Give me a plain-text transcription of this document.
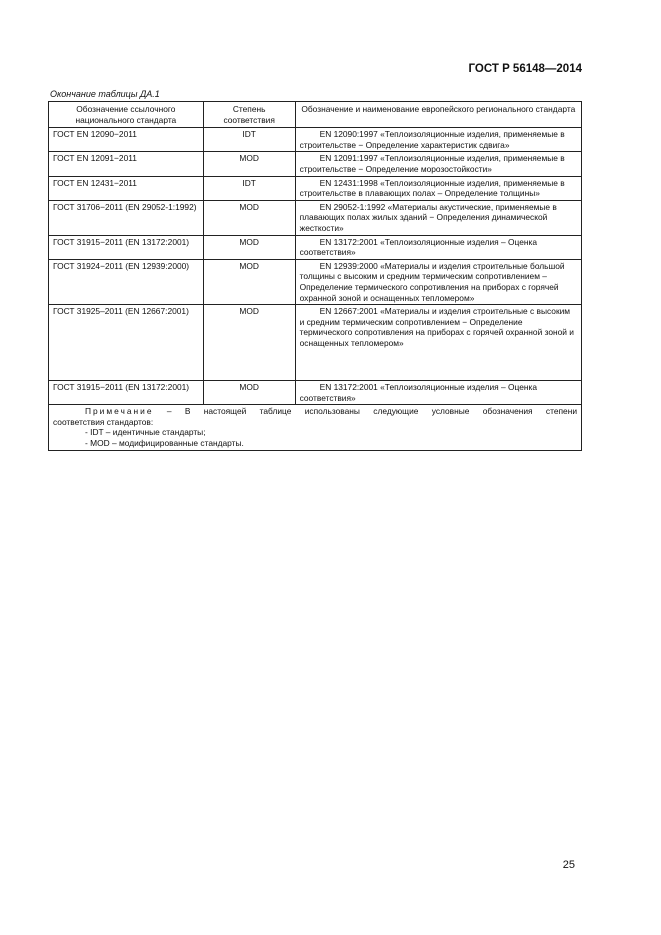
ГОСТ Р 56148—2014
Окончание таблицы ДА.1
Обозначение ссылочного национального стандарта	Степень соответствия	Обозначение и наименование европейского регионального стандарта
ГОСТ EN 12090−2011	IDT	EN 12090:1997 «Теплоизоляционные изделия, применяемые в строительстве − Определение характеристик сдвига»
ГОСТ EN 12091−2011	MOD	EN 12091:1997 «Теплоизоляционные изделия, применяемые в строительстве − Определение морозостойкости»
ГОСТ EN 12431−2011	IDT	EN 12431:1998 «Теплоизоляционные изделия, применяемые в строительстве в плавающих полах – Определение толщины»
ГОСТ 31706−2011 (EN 29052-1:1992)	MOD	EN 29052-1:1992 «Материалы акустические, применяемые в плавающих полах жилых зданий − Определения динамической жесткости»
ГОСТ 31915−2011 (EN 13172:2001)	MOD	EN 13172:2001 «Теплоизоляционные изделия – Оценка соответствия»
ГОСТ 31924−2011 (EN 12939:2000)	MOD	EN 12939:2000 «Материалы и изделия строительные большой толщины с высоким и средним термическим сопротивлением – Определение термического сопротивления на приборах с горячей охранной зоной и оснащенных тепломером»
ГОСТ 31925–2011 (EN 12667:2001)	MOD	EN 12667:2001 «Материалы и изделия строительные с высоким и средним термическим сопротивлением − Определение термического сопротивления на приборах с горячей охранной зоной и оснащенных тепломером»
ГОСТ 31915−2011 (EN 13172:2001)	MOD	EN 13172:2001 «Теплоизоляционные изделия – Оценка соответствия»

Примечание – В настоящей таблице использованы следующие условные обозначения степени
соответствия стандартов:
- IDT – идентичные стандарты;
- MOD – модифицированные стандарты.		
25
